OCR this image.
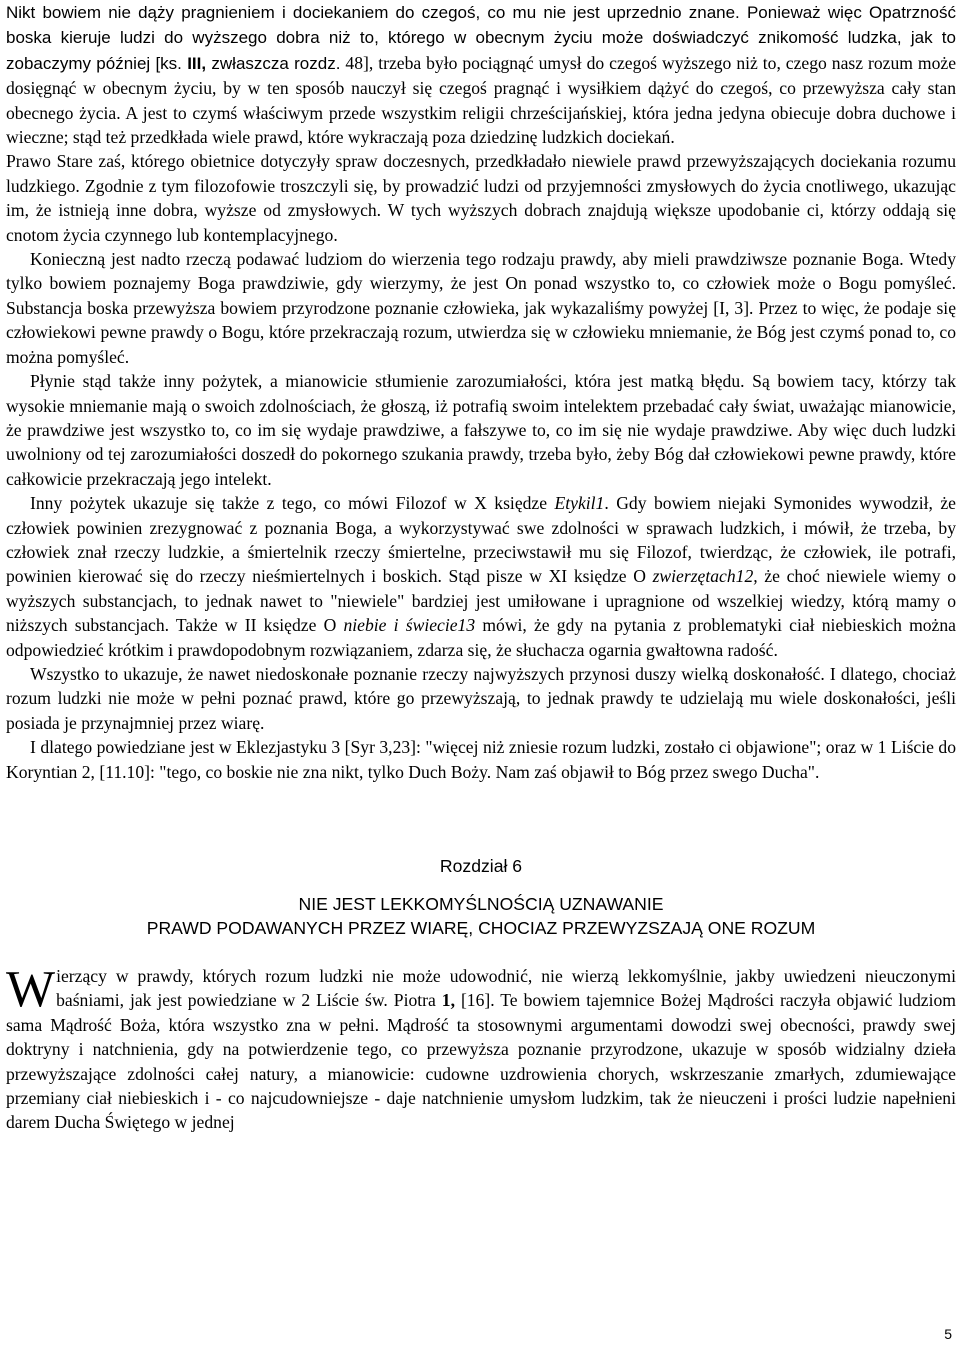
Nikt bowiem nie dąży pragnieniem i dociekaniem do czegoś, co mu nie jest uprzednio znane. Ponieważ więc Opatrzność boska kieruje ludzi do wyższego dobra niż to, którego w obecnym życiu może doświadczyć znikomość ludzka, jak to zobaczymy później [ks. III, zwłaszcza rozdz. 48], trzeba było pociągnąć umysł do czegoś wyższego niż to, czego nasz rozum może dosięgnąć w obecnym życiu, by w ten sposób nauczył się czegoś pragnąć i wysiłkiem dążyć do czegoś, co przewyższa cały stan obecnego życia. A jest to czymś właściwym przede wszystkim religii chrześcijańskiej, która jedna jedyna obiecuje dobra duchowe i wieczne; stąd też przedkłada wiele prawd, które wykraczają poza dziedzinę ludzkich dociekań.

Prawo Stare zaś, którego obietnice dotyczyły spraw doczesnych, przedkładało niewiele prawd przewyższających dociekania rozumu ludzkiego. Zgodnie z tym filozofowie troszczyli się, by prowadzić ludzi od przyjemności zmysłowych do życia cnotliwego, ukazując im, że istnieją inne dobra, wyższe od zmysłowych. W tych wyższych dobrach znajdują większe upodobanie ci, którzy oddają się cnotom życia czynnego lub kontemplacyjnego.

Konieczną jest nadto rzeczą podawać ludziom do wierzenia tego rodzaju prawdy, aby mieli prawdziwsze poznanie Boga. Wtedy tylko bowiem poznajemy Boga prawdziwie, gdy wierzymy, że jest On ponad wszystko to, co człowiek może o Bogu pomyśleć. Substancja boska przewyższa bowiem przyrodzone poznanie człowieka, jak wykazaliśmy powyżej [I, 3]. Przez to więc, że podaje się człowiekowi pewne prawdy o Bogu, które przekraczają rozum, utwierdza się w człowieku mniemanie, że Bóg jest czymś ponad to, co można pomyśleć.

Płynie stąd także inny pożytek, a mianowicie stłumienie zarozumiałości, która jest matką błędu. Są bowiem tacy, którzy tak wysokie mniemanie mają o swoich zdolnościach, że głoszą, iż potrafią swoim intelektem przebadać cały świat, uważając mianowicie, że prawdziwe jest wszystko to, co im się wydaje prawdziwe, a fałszywe to, co im się nie wydaje prawdziwe. Aby więc duch ludzki uwolniony od tej zarozumiałości doszedł do pokornego szukania prawdy, trzeba było, żeby Bóg dał człowiekowi pewne prawdy, które całkowicie przekraczają jego intelekt.

Inny pożytek ukazuje się także z tego, co mówi Filozof w X księdze Etykil1. Gdy bowiem niejaki Symonides wywodził, że człowiek powinien zrezygnować z poznania Boga, a wykorzystywać swe zdolności w sprawach ludzkich, i mówił, że trzeba, by człowiek znał rzeczy ludzkie, a śmiertelnik rzeczy śmiertelne, przeciwstawił mu się Filozof, twierdząc, że człowiek, ile potrafi, powinien kierować się do rzeczy nieśmiertelnych i boskich. Stąd pisze w XI księdze O zwierzętach12, że choć niewiele wiemy o wyższych substancjach, to jednak nawet to "niewiele" bardziej jest umiłowane i upragnione od wszelkiej wiedzy, którą mamy o niższych substancjach. Także w II księdze O niebie i świecie13 mówi, że gdy na pytania z problematyki ciał niebieskich można odpowiedzieć krótkim i prawdopodobnym rozwiązaniem, zdarza się, że słuchacza ogarnia gwałtowna radość.

Wszystko to ukazuje, że nawet niedoskonałe poznanie rzeczy najwyższych przynosi duszy wielką doskonałość. I dlatego, chociaż rozum ludzki nie może w pełni poznać prawd, które go przewyższają, to jednak prawdy te udzielają mu wiele doskonałości, jeśli posiada je przynajmniej przez wiarę.

I dlatego powiedziane jest w Eklezjastyku 3 [Syr 3,23]: "więcej niż zniesie rozum ludzki, zostało ci objawione"; oraz w 1 Liście do Koryntian 2, [11.10]: "tego, co boskie nie zna nikt, tylko Duch Boży. Nam zaś objawił to Bóg przez swego Ducha".

Rozdział 6
NIE JEST LEKKOMYŚLNOŚCIĄ UZNAWANIE
PRAWD PODAWANYCH PRZEZ WIARĘ, CHOCIAZ PRZEWYZSZAJĄ ONE ROZUM
W ierzący w prawdy, których rozum ludzki nie może udowodnić, nie wierzą lekkomyślnie, jakby uwiedzeni nieuczonymi baśniami, jak jest powiedziane w 2 Liście św. Piotra 1, [16]. Te bowiem tajemnice Bożej Mądrości raczyła objawić ludziom sama Mądrość Boża, która wszystko zna w pełni. Mądrość ta stosownymi argumentami dowodzi swej obecności, prawdy swej doktryny i natchnienia, gdy na potwierdzenie tego, co przewyższa poznanie przyrodzone, ukazuje w sposób widzialny dzieła przewyższające zdolności całej natury, a mianowicie: cudowne uzdrowienia chorych, wskrzeszanie zmarłych, zdumiewające przemiany ciał niebieskich i - co najcudowniejsze - daje natchnienie umysłom ludzkim, tak że nieuczeni i prości ludzie napełnieni darem Ducha Świętego w jednej
5
